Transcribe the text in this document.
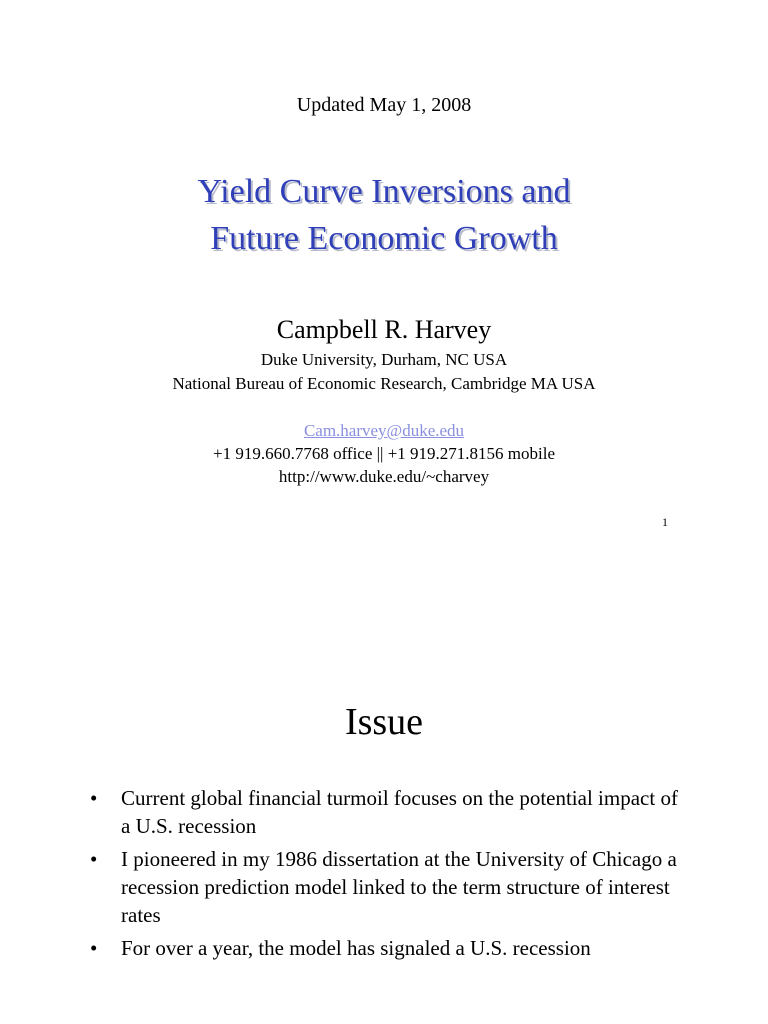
Updated May 1, 2008
Yield Curve Inversions and
Future Economic Growth
Campbell R. Harvey
Duke University, Durham, NC USA
National Bureau of Economic Research, Cambridge MA USA
Cam.harvey@duke.edu
+1 919.660.7768 office || +1 919.271.8156 mobile
http://www.duke.edu/~charvey
1
Issue
• Current global financial turmoil focuses on the potential impact of a U.S. recession
• I pioneered in my 1986 dissertation at the University of Chicago a recession prediction model linked to the term structure of interest rates
• For over a year, the model has signaled a U.S. recession
